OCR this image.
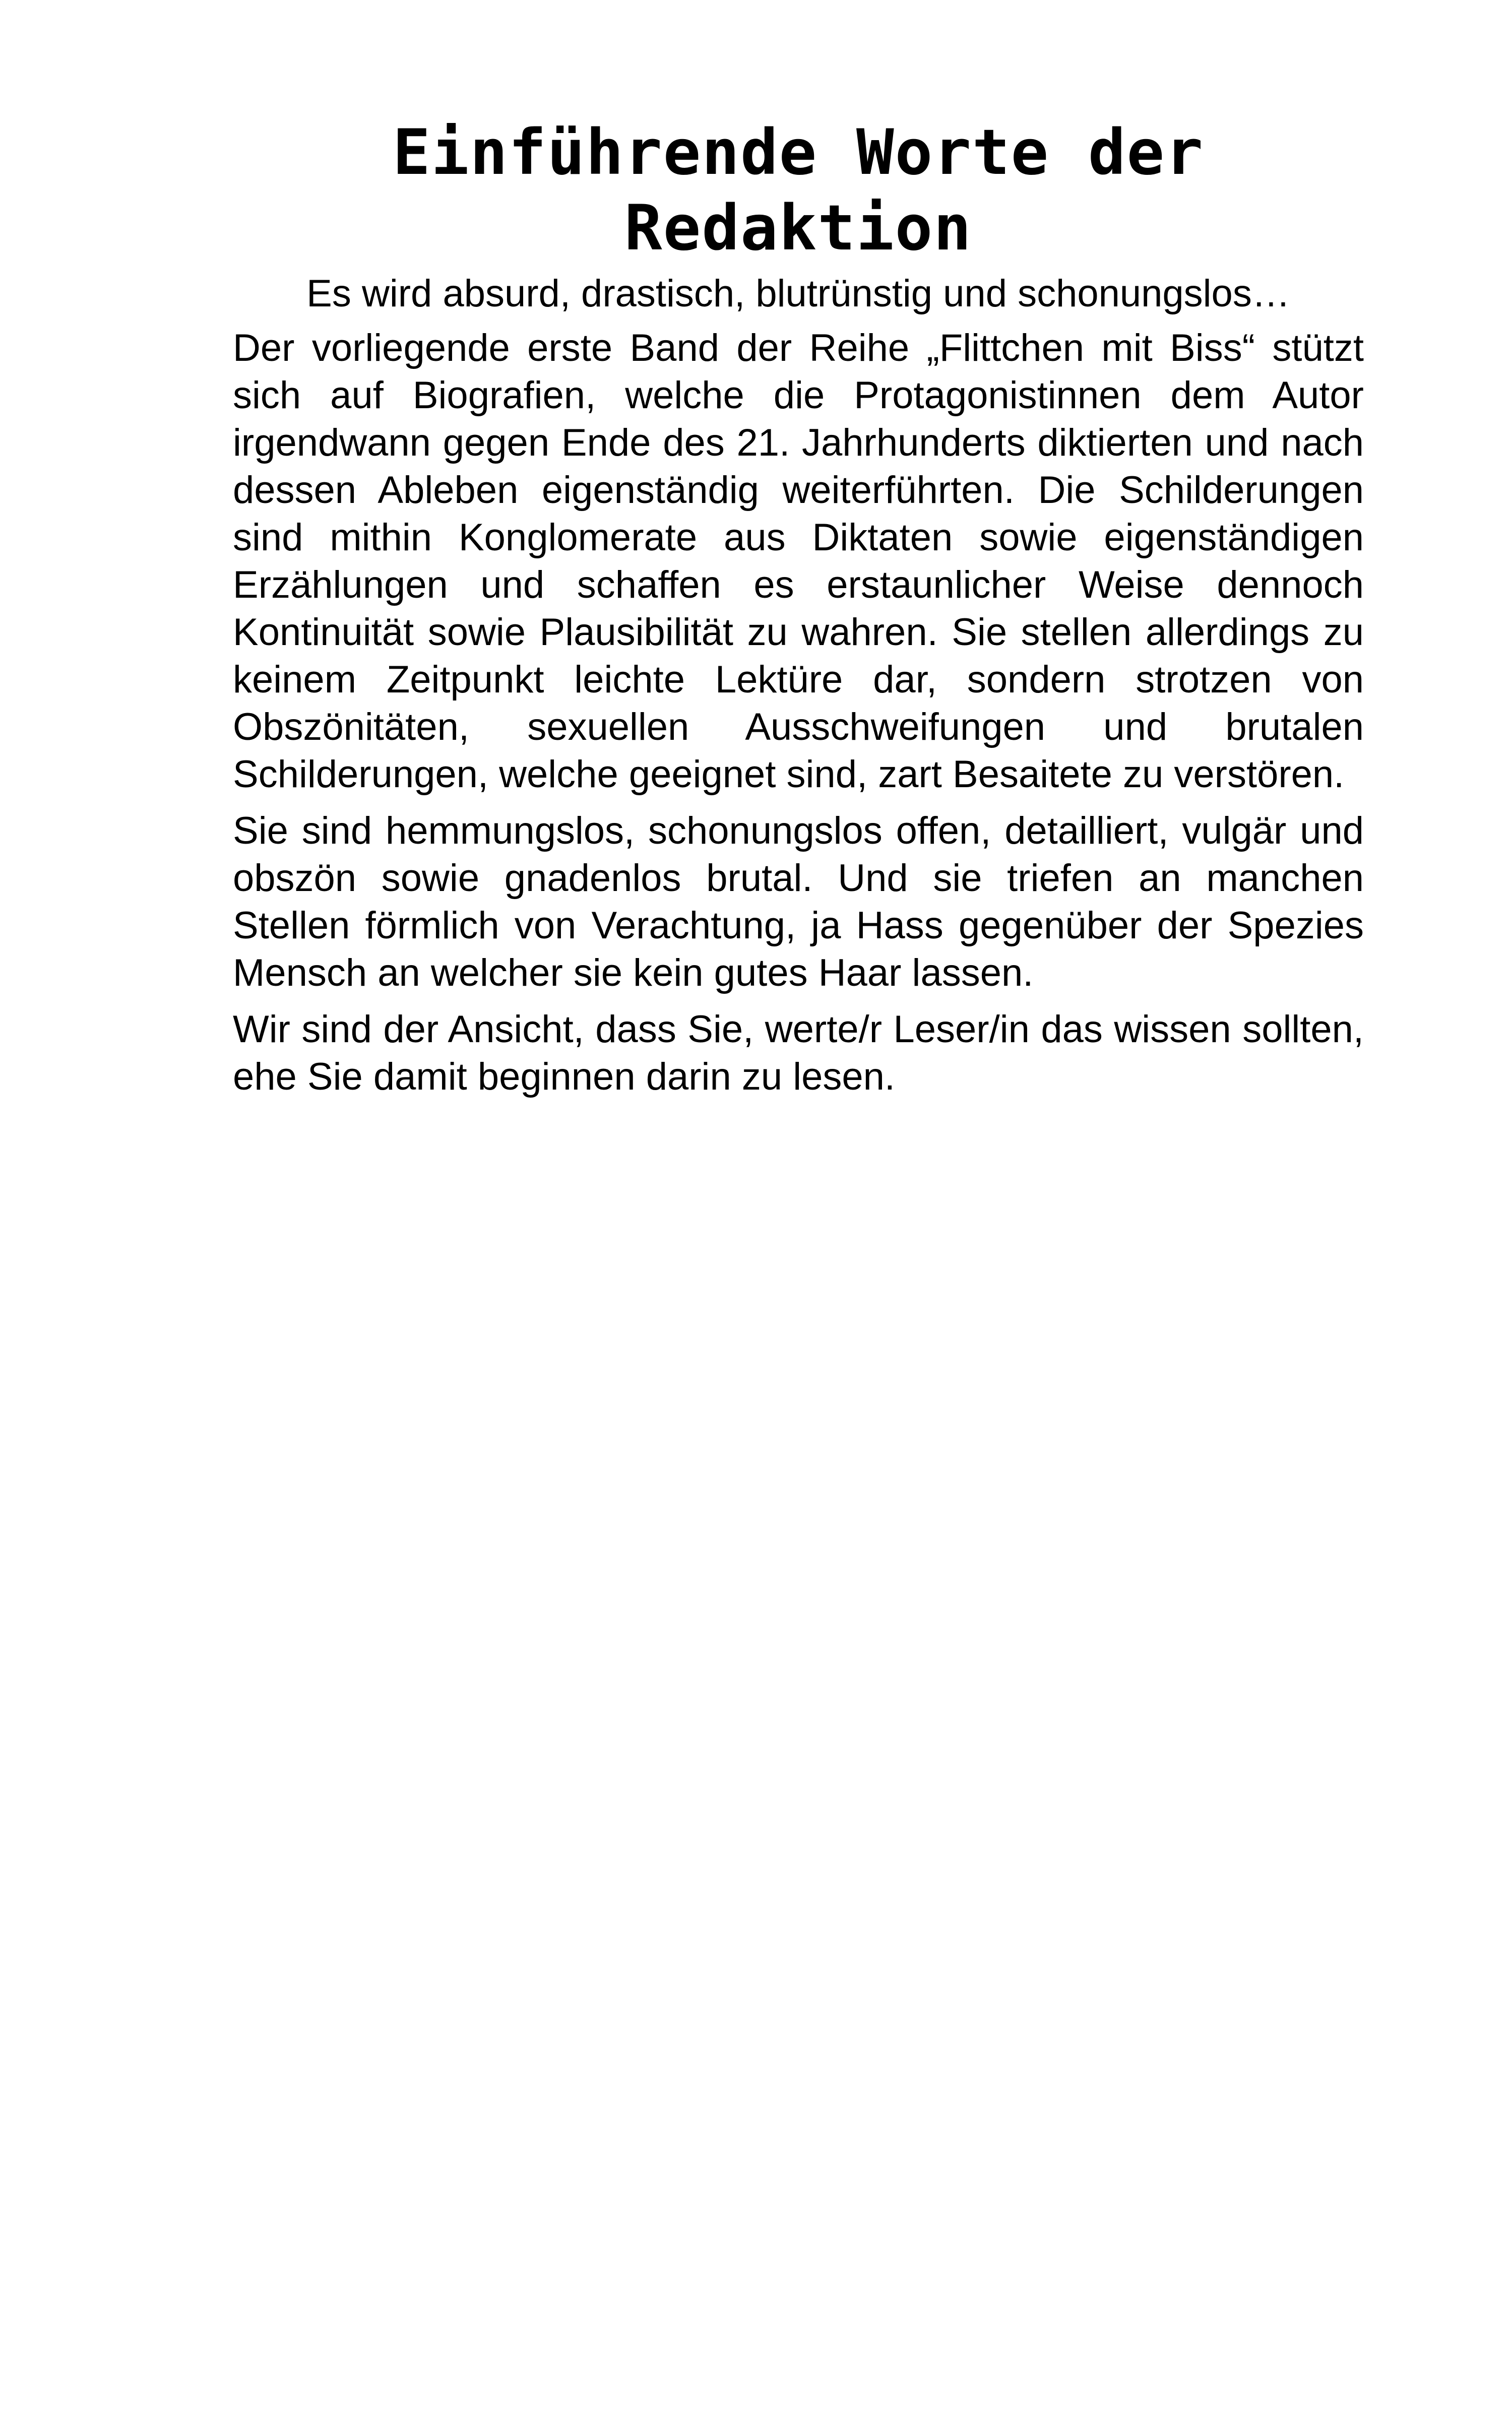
Einführende Worte der Redaktion

Es wird absurd, drastisch, blutrünstig und schonungslos…

Der vorliegende erste Band der Reihe „Flittchen mit Biss“ stützt sich auf Biografien, welche die Protagonistinnen dem Autor irgendwann gegen Ende des 21. Jahrhunderts diktierten und nach dessen Ableben eigenständig weiterführten. Die Schilderungen sind mithin Konglomerate aus Diktaten sowie eigenständigen Erzählungen und schaffen es erstaunlicher Weise dennoch Kontinuität sowie Plausibilität zu wahren. Sie stellen allerdings zu keinem Zeitpunkt leichte Lektüre dar, sondern strotzen von Obszönitäten, sexuellen Ausschweifungen und brutalen Schilderungen, welche geeignet sind, zart Besaitete zu verstören.

Sie sind hemmungslos, schonungslos offen, detailliert, vulgär und obszön sowie gnadenlos brutal. Und sie triefen an manchen Stellen förmlich von Verachtung, ja Hass gegenüber der Spezies Mensch an welcher sie kein gutes Haar lassen.

Wir sind der Ansicht, dass Sie, werte/r Leser/in das wissen sollten, ehe Sie damit beginnen darin zu lesen.
